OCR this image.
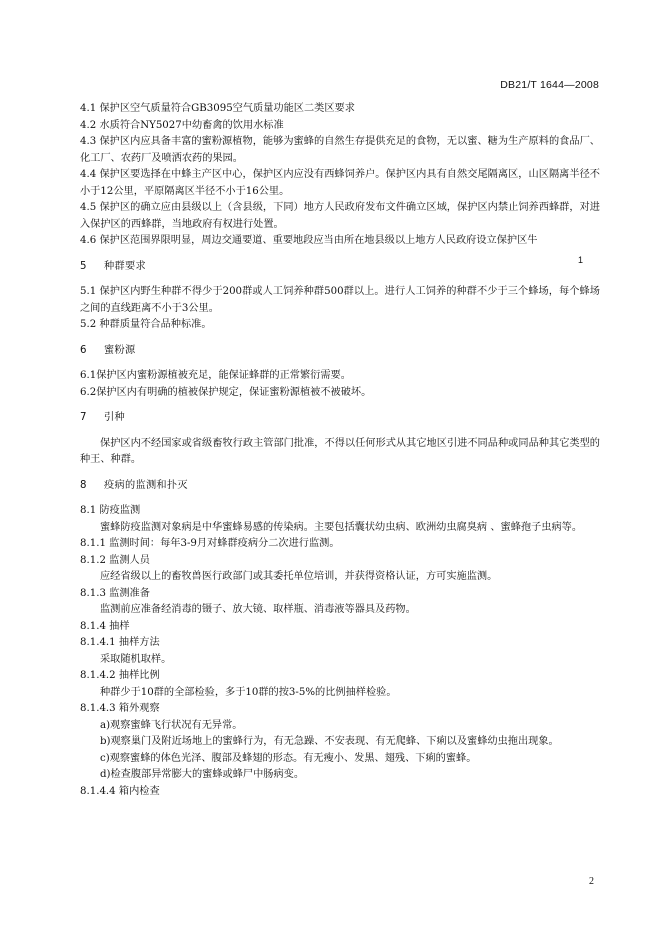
DB21/T 1644—2008

4.1 保护区空气质量符合GB3095空气质量功能区二类区要求

4.2 水质符合NY5027中幼畜禽的饮用水标准

4.3 保护区内应具备丰富的蜜粉源植物，能够为蜜蜂的自然生存提供充足的食物，无以蜜、糖为生产原料的食品厂、化工厂、农药厂及喷洒农药的果园。

4.4 保护区要选择在中蜂主产区中心，保护区内应没有西蜂饲养户。保护区内具有自然交尾隔离区，山区隔离半径不小于12公里，平原隔离区半径不小于16公里。

4.5 保护区的确立应由县级以上（含县级，下同）地方人民政府发布文件确立区域，保护区内禁止饲养西蜂群，对进入保护区的西蜂群，当地政府有权进行处置。

4.6 保护区范围界限明显，周边交通要道、重要地段应当由所在地县级以上地方人民政府设立保护区牛

5 种群要求

5.1 保护区内野生种群不得少于200群或人工饲养种群500群以上。进行人工饲养的种群不少于三个蜂场，每个蜂场之间的直线距离不小于3公里。

5.2 种群质量符合品种标准。

6 蜜粉源

6.1保护区内蜜粉源植被充足，能保证蜂群的正常繁衍需要。

6.2保护区内有明确的植被保护规定，保证蜜粉源植被不被破坏。

7 引种

保护区内不经国家或省级畜牧行政主管部门批准，不得以任何形式从其它地区引进不同品种或同品种其它类型的种王、种群。

8 疫病的监测和扑灭

8.1 防疫监测

蜜蜂防疫监测对象病是中华蜜蜂易感的传染病。主要包括囊状幼虫病、欧洲幼虫腐臭病 、蜜蜂孢子虫病等。

8.1.1 监测时间：每年3-9月对蜂群疫病分二次进行监测。

8.1.2 监测人员

应经省级以上的畜牧兽医行政部门或其委托单位培训，并获得资格认证，方可实施监测。

8.1.3 监测准备

监测前应准备经消毒的镊子、放大镜、取样瓶、消毒液等器具及药物。

8.1.4 抽样

8.1.4.1 抽样方法

采取随机取样。

8.1.4.2 抽样比例

种群少于10群的全部检验，多于10群的按3-5%的比例抽样检验。

8.1.4.3 箱外观察

a)观察蜜蜂飞行状况有无异常。

b)观察巢门及附近场地上的蜜蜂行为，有无急躁、不安表现、有无爬蜂、下痢以及蜜蜂幼虫拖出现象。

c)观察蜜蜂的体色光泽、腹部及蜂翅的形态。有无瘦小、发黑、翅残、下痢的蜜蜂。

d)检查腹部异常膨大的蜜蜂或蜂尸中肠病变。

8.1.4.4 箱内检查

1
2
